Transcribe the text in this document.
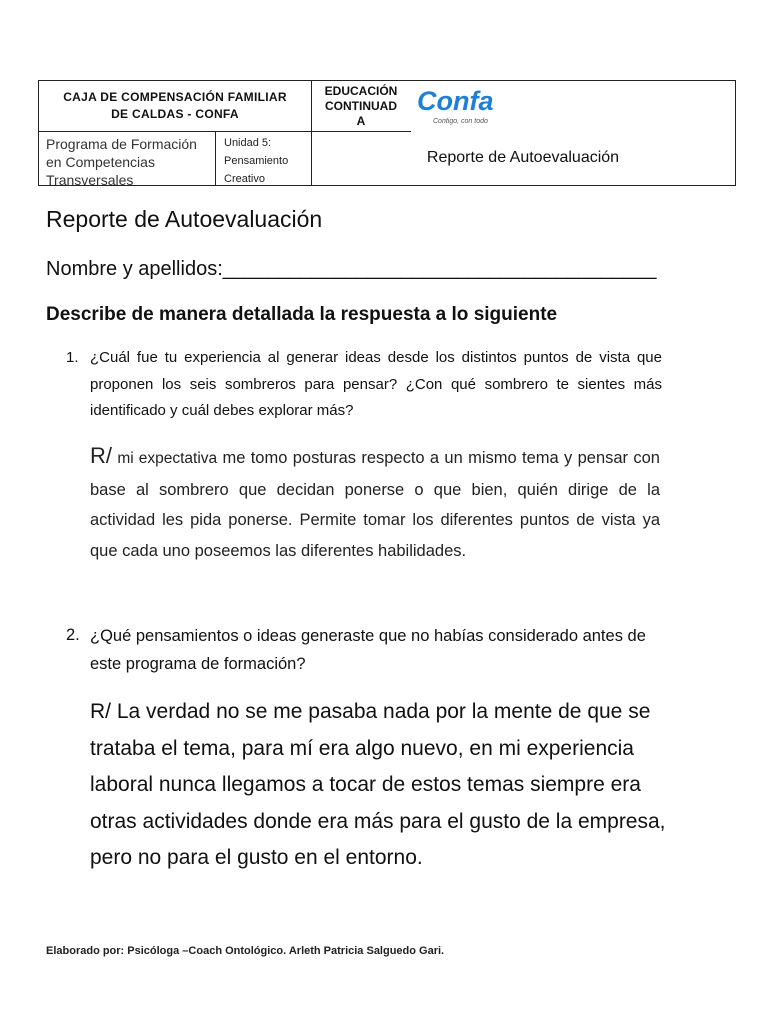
CAJA DE COMPENSACIÓN FAMILIAR
DE CALDAS - CONFA
EDUCACIÓN
CONTINUAD
A
Confa
Contigo, con todo
Programa de Formación
en Competencias
Transversales
Unidad 5:
Pensamiento
Creativo
Reporte de Autoevaluación
Reporte de Autoevaluación
Nombre y apellidos:_______________________________________
Describe de manera detallada la respuesta a lo siguiente
1. ¿Cuál fue tu experiencia al generar ideas desde los distintos puntos de vista que proponen los seis sombreros para pensar? ¿Con qué sombrero te sientes más identificado y cuál debes explorar más?
R/ mi expectativa me tomo posturas respecto a un mismo tema y pensar con base al sombrero que decidan ponerse o que bien, quién dirige de la actividad les pida ponerse. Permite tomar los diferentes puntos de vista ya que cada uno poseemos las diferentes habilidades.
2. ¿Qué pensamientos o ideas generaste que no habías considerado antes de este programa de formación?
R/ La verdad no se me pasaba nada por la mente de que se trataba el tema, para mí era algo nuevo, en mi experiencia laboral nunca llegamos a tocar de estos temas siempre era otras actividades donde era más para el gusto de la empresa, pero no para el gusto en el entorno.
Elaborado por: Psicóloga –Coach Ontológico. Arleth Patricia Salguedo Gari.
